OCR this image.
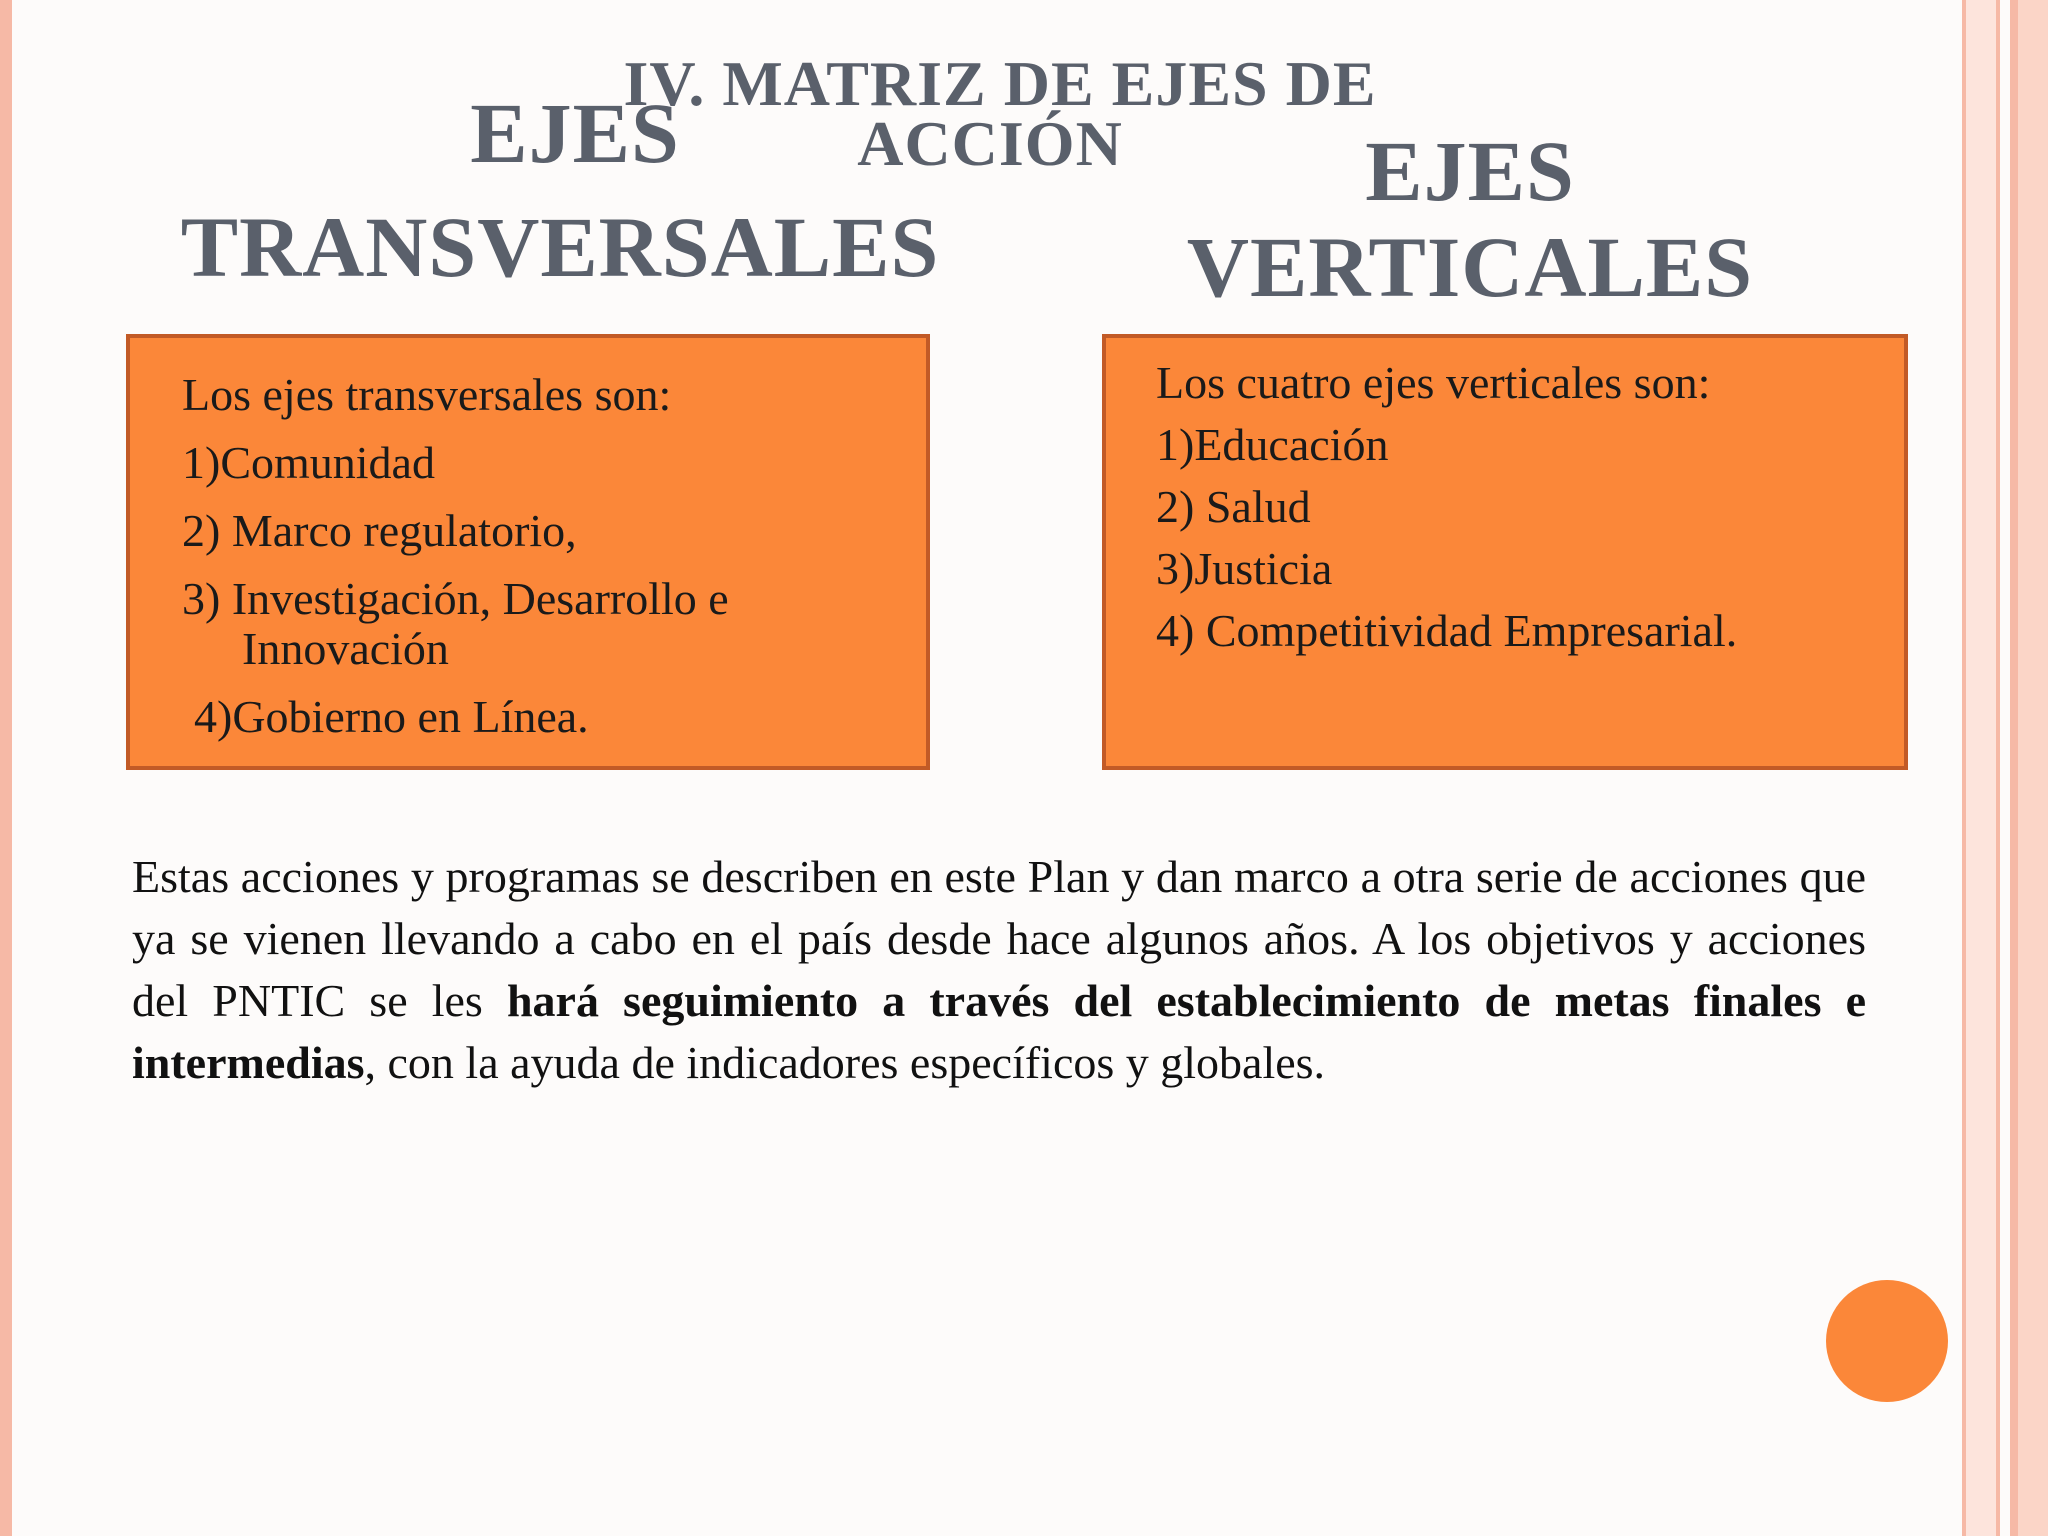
IV. MATRIZ DE EJES DE
ACCIÓN
EJES
TRANSVERSALES
EJES
VERTICALES
Los ejes transversales son:
1)Comunidad
2) Marco regulatorio,
3) Investigación, Desarrollo e
Innovación
4)Gobierno en Línea.
Los cuatro ejes verticales son:
1)Educación
2) Salud
3)Justicia
4) Competitividad Empresarial.
Estas acciones y programas se describen en este Plan y dan marco a otra serie de acciones que ya se vienen llevando a cabo en el país desde hace algunos años. A los objetivos y acciones del PNTIC se les hará seguimiento a través del establecimiento de metas finales e intermedias, con la ayuda de indicadores específicos y globales.
